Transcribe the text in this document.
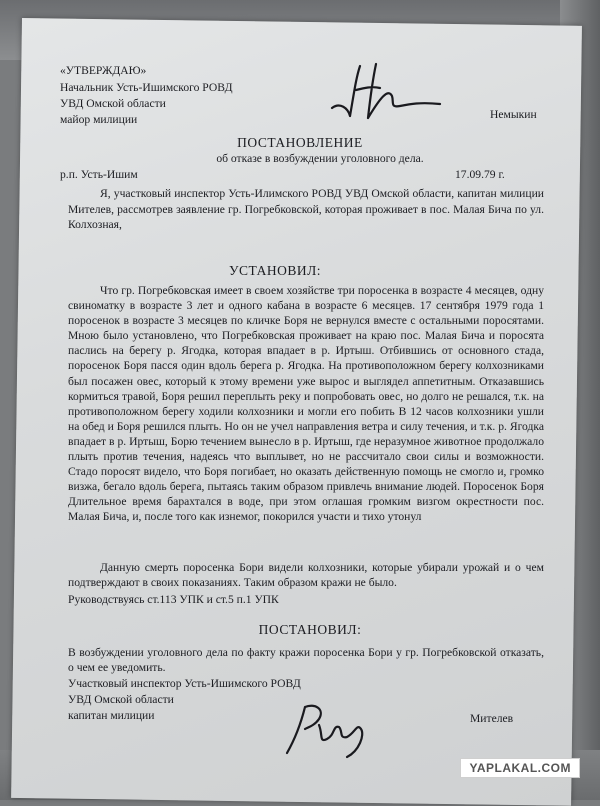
«УТВЕРЖДАЮ»
Начальник Усть-Ишимского РОВД
УВД Омской области
майор милиции	Немыкин
ПОСТАНОВЛЕНИЕ
об отказе в возбуждении уголовного дела.
р.п. Усть-Ишим	17.09.79 г.
Я, участковый инспектор Усть-Илимского РОВД УВД Омской области, капитан милиции Мителев, рассмотрев заявление гр. Погребковской, которая проживает в пос. Малая Бича по ул. Колхозная,
УСТАНОВИЛ:
Что гр. Погребковская имеет в своем хозяйстве три поросенка в возрасте 4 месяцев, одну свиноматку в возрасте 3 лет и одного кабана в возрасте 6 месяцев. 17 сентября 1979 года 1 поросенок в возрасте 3 месяцев по кличке Боря не вернулся вместе с остальными поросятами. Мною было установлено, что Погребковская проживает на краю пос. Малая Бича и поросята паслись на берегу р. Ягодка, которая впадает в р. Иртыш. Отбившись от основного стада, поросенок Боря пасся один вдоль берега р. Ягодка. На противоположном берегу колхозниками был посажен овес, который к этому времени уже вырос и выглядел аппетитным. Отказавшись кормиться травой, Боря решил переплыть реку и попробовать овес, но долго не решался, т.к. на противоположном берегу ходили колхозники и могли его побить В 12 часов колхозники ушли на обед и Боря решился плыть. Но он не учел направления ветра и силу течения, и т.к. р. Ягодка впадает в р. Иртыш, Борю течением вынесло в р. Иртыш, где неразумное животное продолжало плыть против течения, надеясь что выплывет, но не рассчитало свои силы и возможности. Стадо поросят видело, что Боря погибает, но оказать действенную помощь не смогло и, громко визжа, бегало вдоль берега, пытаясь таким образом привлечь внимание людей. Поросенок Боря Длительное время барахтался в воде, при этом оглашая громким визгом окрестности пос. Малая Бича, и, после того как изнемог, покорился участи и тихо утонул
Данную смерть поросенка Бори видели колхозники, которые убирали урожай и о чем подтверждают в своих показаниях. Таким образом кражи не было.
Руководствуясь ст.113 УПК и ст.5 п.1 УПК
ПОСТАНОВИЛ:
В возбуждении уголовного дела по факту кражи поросенка Бори у гр. Погребковской отказать, о чем ее уведомить.
Участковый инспектор Усть-Ишимского РОВД
УВД Омской области
капитан милиции	Мителев
YAPLAKAL.COM
